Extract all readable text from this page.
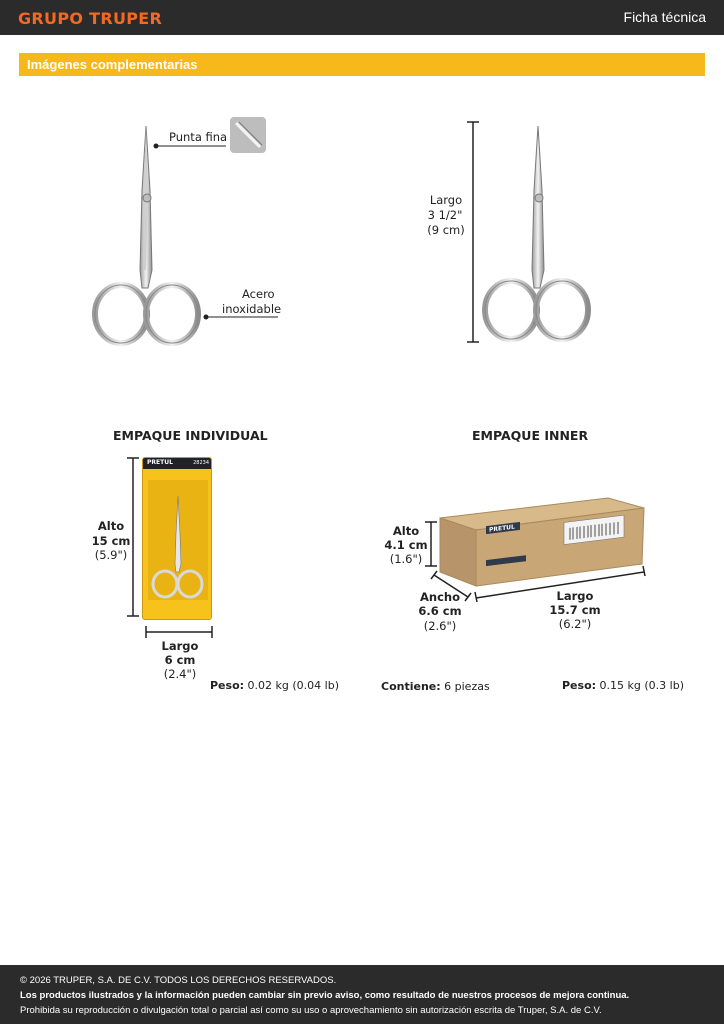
GRUPO TRUPER	Ficha técnica
Imágenes complementarias
Punta fina
Acero
inoxidable
Largo
3 1/2"
(9 cm)
EMPAQUE INDIVIDUAL
Alto
15 cm
(5.9")
PRETUL	28234
Largo
6 cm
(2.4")
Peso: 0.02 kg (0.04 lb)
EMPAQUE INNER
Alto
4.1 cm
(1.6")
PRETUL
Ancho
6.6 cm
(2.6")
Largo
15.7 cm
(6.2")
Contiene: 6 piezas	Peso: 0.15 kg (0.3 lb)
© 2026 TRUPER, S.A. DE C.V. TODOS LOS DERECHOS RESERVADOS.
Los productos ilustrados y la información pueden cambiar sin previo aviso, como resultado de nuestros procesos de mejora continua.
Prohibida su reproducción o divulgación total o parcial así como su uso o aprovechamiento sin autorización escrita de Truper, S.A. de C.V.
